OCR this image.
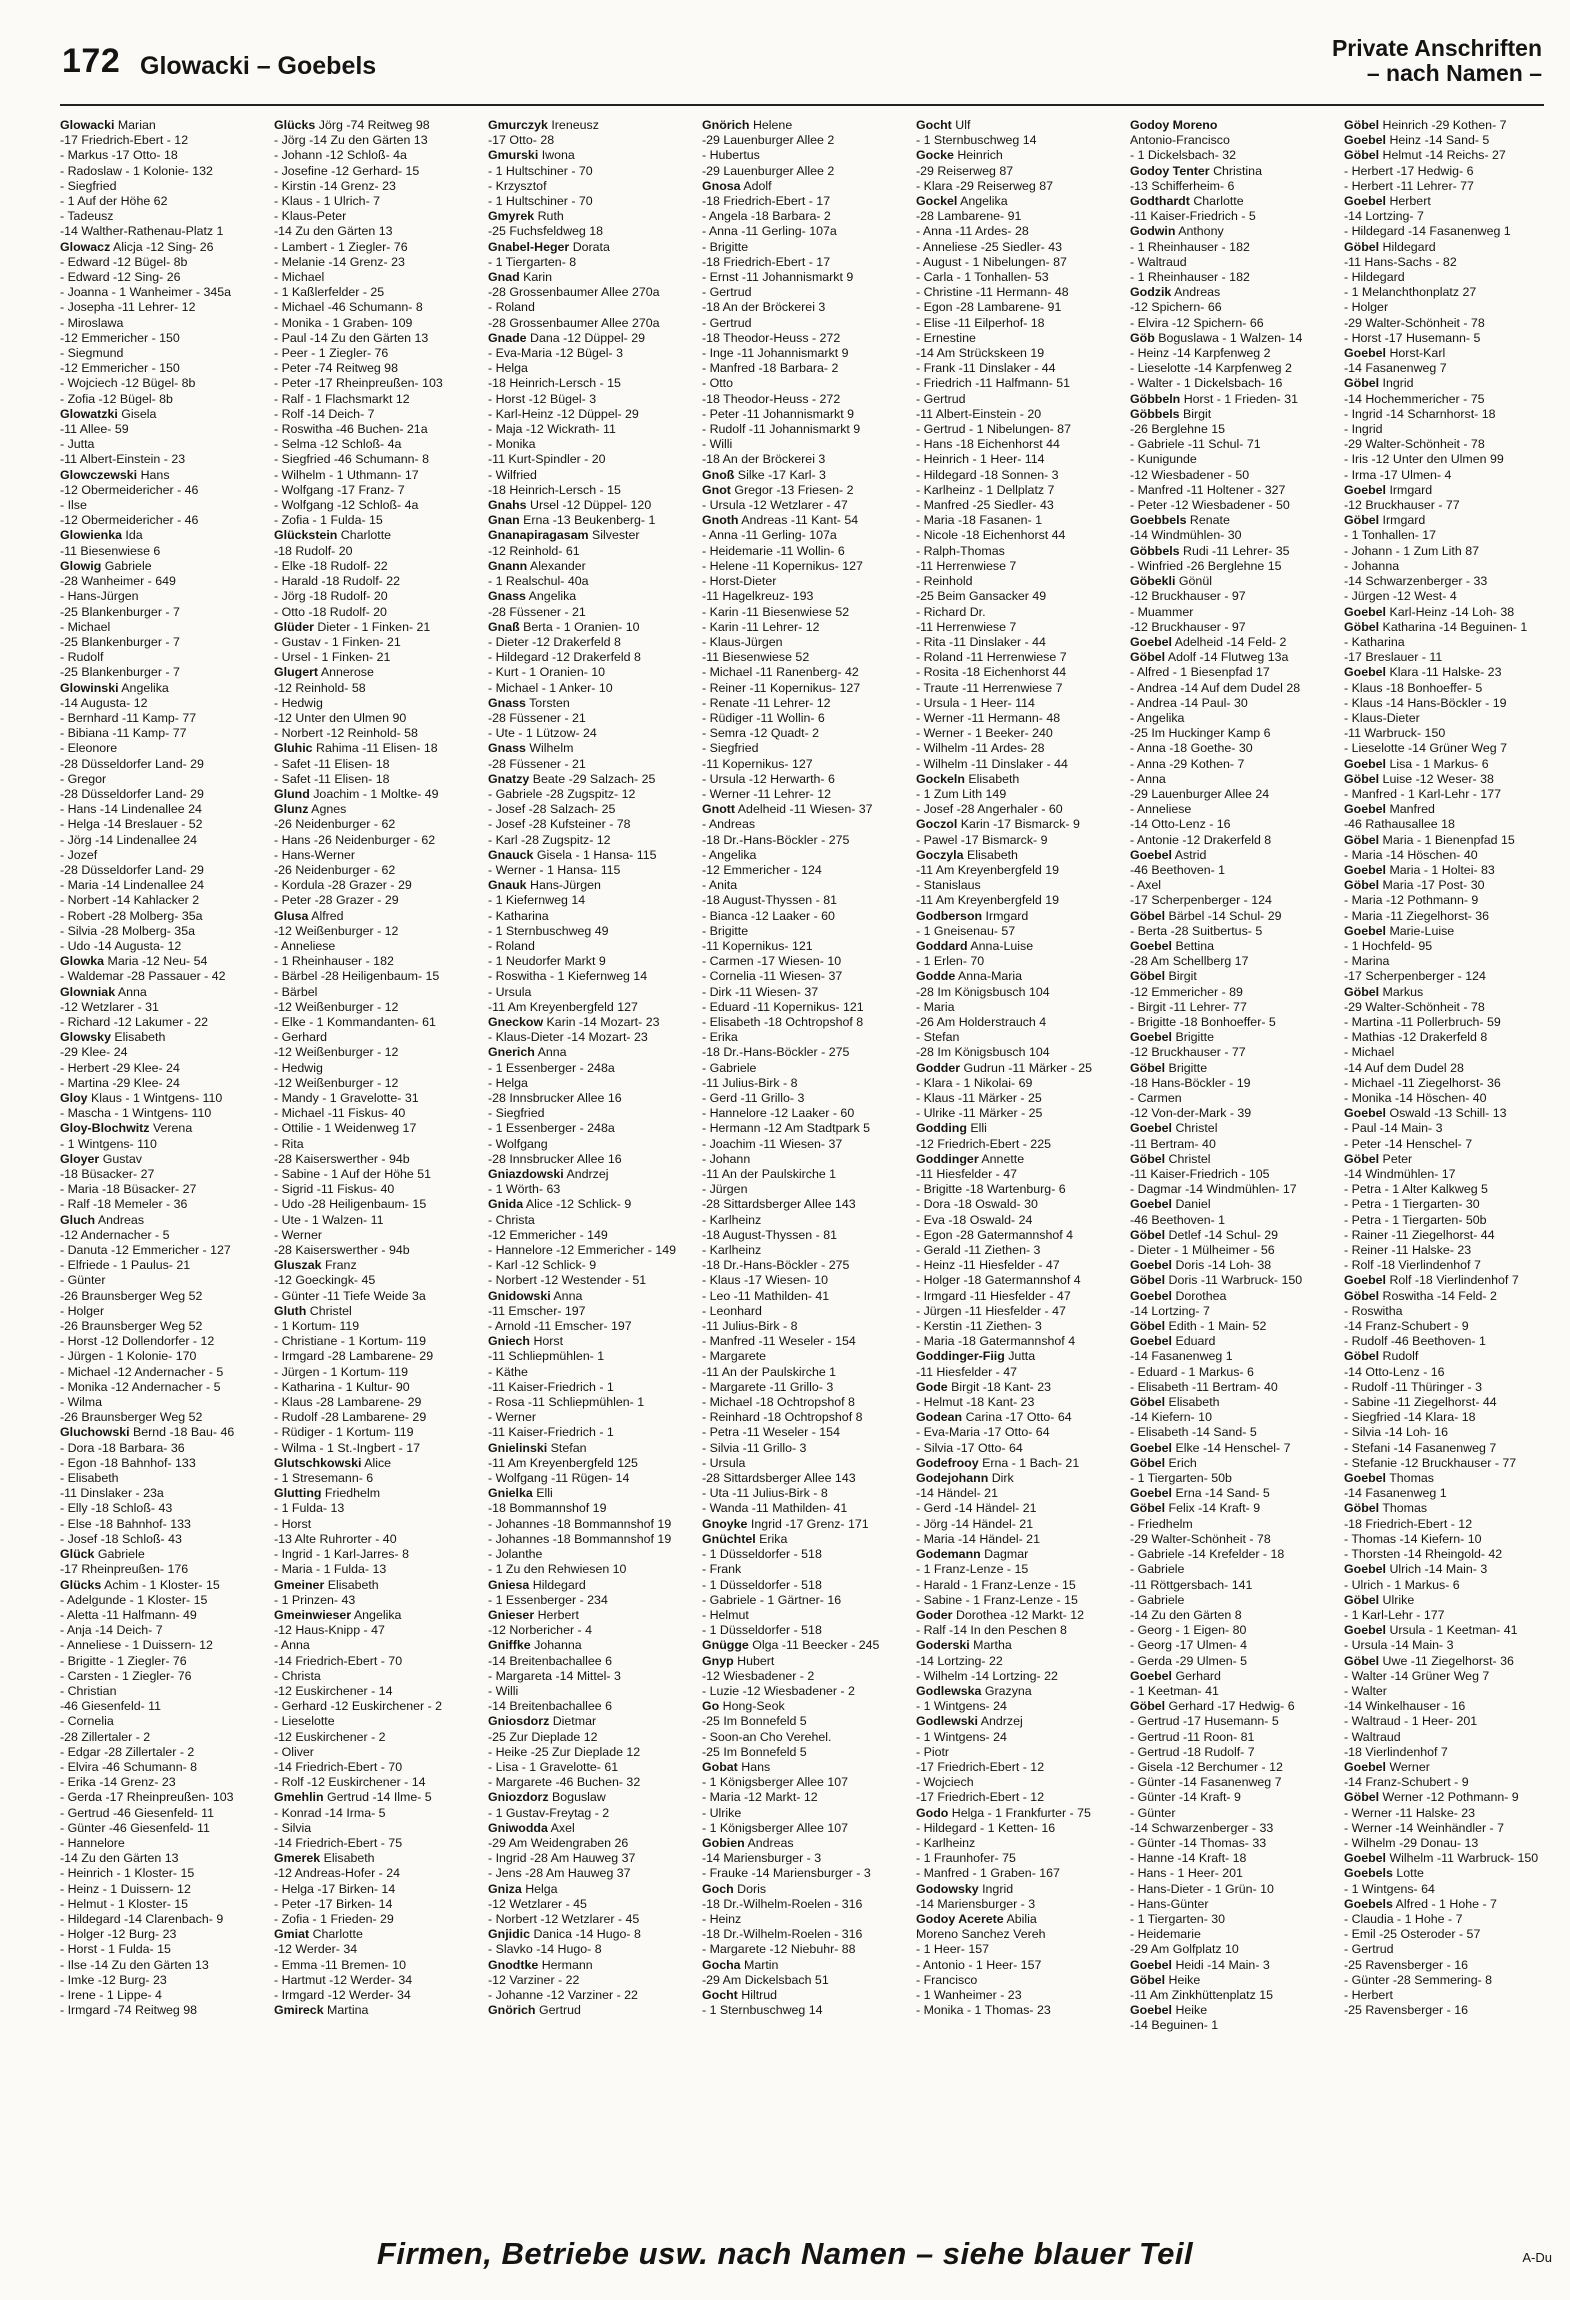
172 Glowacki – Goebels
Private Anschriften
– nach Namen –
Glowacki Marian
-17 Friedrich-Ebert - 12
- Markus -17 Otto- 18
- Radoslaw - 1 Kolonie- 132
- Siegfried
- 1 Auf der Höhe 62
- Tadeusz
-14 Walther-Rathenau-Platz 1
Glowacz Alicja -12 Sing- 26
- Edward -12 Bügel- 8b
- Edward -12 Sing- 26
- Joanna - 1 Wanheimer - 345a
- Josepha -11 Lehrer- 12
- Miroslawa
-12 Emmericher - 150
- Siegmund
-12 Emmericher - 150
- Wojciech -12 Bügel- 8b
- Zofia -12 Bügel- 8b
Glowatzki Gisela
-11 Allee- 59
- Jutta
-11 Albert-Einstein - 23
Glowczewski Hans
-12 Obermeidericher - 46
- Ilse
-12 Obermeidericher - 46
Glowienka Ida
-11 Biesenwiese 6
Glowig Gabriele
-28 Wanheimer - 649
- Hans-Jürgen
-25 Blankenburger - 7
- Michael
-25 Blankenburger - 7
- Rudolf
-25 Blankenburger - 7
Glowinski Angelika
-14 Augusta- 12
- Bernhard -11 Kamp- 77
- Bibiana -11 Kamp- 77
- Eleonore
-28 Düsseldorfer Land- 29
- Gregor
-28 Düsseldorfer Land- 29
- Hans -14 Lindenallee 24
- Helga -14 Breslauer - 52
- Jörg -14 Lindenallee 24
- Jozef
-28 Düsseldorfer Land- 29
- Maria -14 Lindenallee 24
- Norbert -14 Kahlacker 2
- Robert -28 Molberg- 35a
- Silvia -28 Molberg- 35a
- Udo -14 Augusta- 12
Glowka Maria -12 Neu- 54
- Waldemar -28 Passauer - 42
Glowniak Anna
-12 Wetzlarer - 31
- Richard -12 Lakumer - 22
Glowsky Elisabeth
-29 Klee- 24
- Herbert -29 Klee- 24
- Martina -29 Klee- 24
Gloy Klaus - 1 Wintgens- 110
- Mascha - 1 Wintgens- 110
Gloy-Blochwitz Verena
- 1 Wintgens- 110
Gloyer Gustav
-18 Büsacker- 27
- Maria -18 Büsacker- 27
- Ralf -18 Memeler - 36
Gluch Andreas
-12 Andernacher - 5
- Danuta -12 Emmericher - 127
- Elfriede - 1 Paulus- 21
- Günter
-26 Braunsberger Weg 52
- Holger
-26 Braunsberger Weg 52
- Horst -12 Dollendorfer - 12
- Jürgen - 1 Kolonie- 170
- Michael -12 Andernacher - 5
- Monika -12 Andernacher - 5
- Wilma
-26 Braunsberger Weg 52
Gluchowski Bernd -18 Bau- 46
- Dora -18 Barbara- 36
- Egon -18 Bahnhof- 133
- Elisabeth
-11 Dinslaker - 23a
- Elly -18 Schloß- 43
- Else -18 Bahnhof- 133
- Josef -18 Schloß- 43
Glück Gabriele
-17 Rheinpreußen- 176
Glücks Achim - 1 Kloster- 15
- Adelgunde - 1 Kloster- 15
- Aletta -11 Halfmann- 49
- Anja -14 Deich- 7
- Anneliese - 1 Duissern- 12
- Brigitte - 1 Ziegler- 76
- Carsten - 1 Ziegler- 76
- Christian
-46 Giesenfeld- 11
- Cornelia
-28 Zillertaler - 2
- Edgar -28 Zillertaler - 2
- Elvira -46 Schumann- 8
- Erika -14 Grenz- 23
- Gerda -17 Rheinpreußen- 103
- Gertrud -46 Giesenfeld- 11
- Günter -46 Giesenfeld- 11
- Hannelore
-14 Zu den Gärten 13
- Heinrich - 1 Kloster- 15
- Heinz - 1 Duissern- 12
- Helmut - 1 Kloster- 15
- Hildegard -14 Clarenbach- 9
- Holger -12 Burg- 23
- Horst - 1 Fulda- 15
- Ilse -14 Zu den Gärten 13
- Imke -12 Burg- 23
- Irene - 1 Lippe- 4
- Irmgard -74 Reitweg 98
Glücks Jörg -74 Reitweg 98
- Jörg -14 Zu den Gärten 13
- Johann -12 Schloß- 4a
- Josefine -12 Gerhard- 15
- Kirstin -14 Grenz- 23
- Klaus - 1 Ulrich- 7
- Klaus-Peter
-14 Zu den Gärten 13
- Lambert - 1 Ziegler- 76
- Melanie -14 Grenz- 23
- Michael
- 1 Kaßlerfelder - 25
- Michael -46 Schumann- 8
- Monika - 1 Graben- 109
- Paul -14 Zu den Gärten 13
- Peer - 1 Ziegler- 76
- Peter -74 Reitweg 98
- Peter -17 Rheinpreußen- 103
- Ralf - 1 Flachsmarkt 12
- Rolf -14 Deich- 7
- Roswitha -46 Buchen- 21a
- Selma -12 Schloß- 4a
- Siegfried -46 Schumann- 8
- Wilhelm - 1 Uthmann- 17
- Wolfgang -17 Franz- 7
- Wolfgang -12 Schloß- 4a
- Zofia - 1 Fulda- 15
Glückstein Charlotte
-18 Rudolf- 20
- Elke -18 Rudolf- 22
- Harald -18 Rudolf- 22
- Jörg -18 Rudolf- 20
- Otto -18 Rudolf- 20
Glüder Dieter - 1 Finken- 21
- Gustav - 1 Finken- 21
- Ursel - 1 Finken- 21
Glugert Annerose
-12 Reinhold- 58
- Hedwig
-12 Unter den Ulmen 90
- Norbert -12 Reinhold- 58
Gluhic Rahima -11 Elisen- 18
- Safet -11 Elisen- 18
- Safet -11 Elisen- 18
Glund Joachim - 1 Moltke- 49
Glunz Agnes
-26 Neidenburger - 62
- Hans -26 Neidenburger - 62
- Hans-Werner
-26 Neidenburger - 62
- Kordula -28 Grazer - 29
- Peter -28 Grazer - 29
Glusa Alfred
-12 Weißenburger - 12
- Anneliese
- 1 Rheinhauser - 182
- Bärbel -28 Heiligenbaum- 15
- Bärbel
-12 Weißenburger - 12
- Elke - 1 Kommandanten- 61
- Gerhard
-12 Weißenburger - 12
- Hedwig
-12 Weißenburger - 12
- Mandy - 1 Gravelotte- 31
- Michael -11 Fiskus- 40
- Ottilie - 1 Weidenweg 17
- Rita
-28 Kaiserswerther - 94b
- Sabine - 1 Auf der Höhe 51
- Sigrid -11 Fiskus- 40
- Udo -28 Heiligenbaum- 15
- Ute - 1 Walzen- 11
- Werner
-28 Kaiserswerther - 94b
Gluszak Franz
-12 Goeckingk- 45
- Günter -11 Tiefe Weide 3a
Gluth Christel
- 1 Kortum- 119
- Christiane - 1 Kortum- 119
- Irmgard -28 Lambarene- 29
- Jürgen - 1 Kortum- 119
- Katharina - 1 Kultur- 90
- Klaus -28 Lambarene- 29
- Rudolf -28 Lambarene- 29
- Rüdiger - 1 Kortum- 119
- Wilma - 1 St.-Ingbert - 17
Glutschkowski Alice
- 1 Stresemann- 6
Glutting Friedhelm
- 1 Fulda- 13
- Horst
-13 Alte Ruhrorter - 40
- Ingrid - 1 Karl-Jarres- 8
- Maria - 1 Fulda- 13
Gmeiner Elisabeth
- 1 Prinzen- 43
Gmeinwieser Angelika
-12 Haus-Knipp - 47
- Anna
-14 Friedrich-Ebert - 70
- Christa
-12 Euskirchener - 14
- Gerhard -12 Euskirchener - 2
- Lieselotte
-12 Euskirchener - 2
- Oliver
-14 Friedrich-Ebert - 70
- Rolf -12 Euskirchener - 14
Gmehlin Gertrud -14 Ilme- 5
- Konrad -14 Irma- 5
- Silvia
-14 Friedrich-Ebert - 75
Gmerek Elisabeth
-12 Andreas-Hofer - 24
- Helga -17 Birken- 14
- Peter -17 Birken- 14
- Zofia - 1 Frieden- 29
Gmiat Charlotte
-12 Werder- 34
- Emma -11 Bremen- 10
- Hartmut -12 Werder- 34
- Irmgard -12 Werder- 34
Gmireck Martina
Gmurczyk Ireneusz
-17 Otto- 28
Gmurski Iwona
- 1 Hultschiner - 70
- Krzysztof
- 1 Hultschiner - 70
Gmyrek Ruth
-25 Fuchsfeldweg 18
Gnabel-Heger Dorata
- 1 Tiergarten- 8
Gnad Karin
-28 Grossenbaumer Allee 270a
- Roland
-28 Grossenbaumer Allee 270a
Gnade Dana -12 Düppel- 29
- Eva-Maria -12 Bügel- 3
- Helga
-18 Heinrich-Lersch - 15
- Horst -12 Bügel- 3
- Karl-Heinz -12 Düppel- 29
- Maja -12 Wickrath- 11
- Monika
-11 Kurt-Spindler - 20
- Wilfried
-18 Heinrich-Lersch - 15
Gnahs Ursel -12 Düppel- 120
Gnan Erna -13 Beukenberg- 1
Gnanapiragasam Silvester
-12 Reinhold- 61
Gnann Alexander
- 1 Realschul- 40a
Gnass Angelika
-28 Füssener - 21
Gnaß Berta - 1 Oranien- 10
- Dieter -12 Drakerfeld 8
- Hildegard -12 Drakerfeld 8
- Kurt - 1 Oranien- 10
- Michael - 1 Anker- 10
Gnass Torsten
-28 Füssener - 21
- Ute - 1 Lützow- 24
Gnass Wilhelm
-28 Füssener - 21
Gnatzy Beate -29 Salzach- 25
- Gabriele -28 Zugspitz- 12
- Josef -28 Salzach- 25
- Josef -28 Kufsteiner - 78
- Karl -28 Zugspitz- 12
Gnauck Gisela - 1 Hansa- 115
- Werner - 1 Hansa- 115
Gnauk Hans-Jürgen
- 1 Kiefernweg 14
- Katharina
- 1 Sternbuschweg 49
- Roland
- 1 Neudorfer Markt 9
- Roswitha - 1 Kiefernweg 14
- Ursula
-11 Am Kreyenbergfeld 127
Gneckow Karin -14 Mozart- 23
- Klaus-Dieter -14 Mozart- 23
Gnerich Anna
- 1 Essenberger - 248a
- Helga
-28 Innsbrucker Allee 16
- Siegfried
- 1 Essenberger - 248a
- Wolfgang
-28 Innsbrucker Allee 16
Gniazdowski Andrzej
- 1 Wörth- 63
Gnida Alice -12 Schlick- 9
- Christa
-12 Emmericher - 149
- Hannelore -12 Emmericher - 149
- Karl -12 Schlick- 9
- Norbert -12 Westender - 51
Gnidowski Anna
-11 Emscher- 197
- Arnold -11 Emscher- 197
Gniech Horst
-11 Schliepmühlen- 1
- Käthe
-11 Kaiser-Friedrich - 1
- Rosa -11 Schliepmühlen- 1
- Werner
-11 Kaiser-Friedrich - 1
Gnielinski Stefan
-11 Am Kreyenbergfeld 125
- Wolfgang -11 Rügen- 14
Gnielka Elli
-18 Bommannshof 19
- Johannes -18 Bommannshof 19
- Johannes -18 Bommannshof 19
- Jolanthe
- 1 Zu den Rehwiesen 10
Gniesa Hildegard
- 1 Essenberger - 234
Gnieser Herbert
-12 Norbericher - 4
Gniffke Johanna
-14 Breitenbachallee 6
- Margareta -14 Mittel- 3
- Willi
-14 Breitenbachallee 6
Gniosdorz Dietmar
-25 Zur Dieplade 12
- Heike -25 Zur Dieplade 12
- Lisa - 1 Gravelotte- 61
- Margarete -46 Buchen- 32
Gniozdorz Boguslaw
- 1 Gustav-Freytag - 2
Gniwodda Axel
-29 Am Weidengraben 26
- Ingrid -28 Am Hauweg 37
- Jens -28 Am Hauweg 37
Gniza Helga
-12 Wetzlarer - 45
- Norbert -12 Wetzlarer - 45
Gnjidic Danica -14 Hugo- 8
- Slavko -14 Hugo- 8
Gnodtke Hermann
-12 Varziner - 22
- Johanne -12 Varziner - 22
Gnörich Gertrud
Gnörich Helene
-29 Lauenburger Allee 2
- Hubertus
-29 Lauenburger Allee 2
Gnosa Adolf
-18 Friedrich-Ebert - 17
- Angela -18 Barbara- 2
- Anna -11 Gerling- 107a
- Brigitte
-18 Friedrich-Ebert - 17
- Ernst -11 Johannismarkt 9
- Gertrud
-18 An der Bröckerei 3
- Gertrud
-18 Theodor-Heuss - 272
- Inge -11 Johannismarkt 9
- Manfred -18 Barbara- 2
- Otto
-18 Theodor-Heuss - 272
- Peter -11 Johannismarkt 9
- Rudolf -11 Johannismarkt 9
- Willi
-18 An der Bröckerei 3
Gnoß Silke -17 Karl- 3
Gnot Gregor -13 Friesen- 2
- Ursula -12 Wetzlarer - 47
Gnoth Andreas -11 Kant- 54
- Anna -11 Gerling- 107a
- Heidemarie -11 Wollin- 6
- Helene -11 Kopernikus- 127
- Horst-Dieter
-11 Hagelkreuz- 193
- Karin -11 Biesenwiese 52
- Karin -11 Lehrer- 12
- Klaus-Jürgen
-11 Biesenwiese 52
- Michael -11 Ranenberg- 42
- Reiner -11 Kopernikus- 127
- Renate -11 Lehrer- 12
- Rüdiger -11 Wollin- 6
- Semra -12 Quadt- 2
- Siegfried
-11 Kopernikus- 127
- Ursula -12 Herwarth- 6
- Werner -11 Lehrer- 12
Gnott Adelheid -11 Wiesen- 37
- Andreas
-18 Dr.-Hans-Böckler - 275
- Angelika
-12 Emmericher - 124
- Anita
-18 August-Thyssen - 81
- Bianca -12 Laaker - 60
- Brigitte
-11 Kopernikus- 121
- Carmen -17 Wiesen- 10
- Cornelia -11 Wiesen- 37
- Dirk -11 Wiesen- 37
- Eduard -11 Kopernikus- 121
- Elisabeth -18 Ochtropshof 8
- Erika
-18 Dr.-Hans-Böckler - 275
- Gabriele
-11 Julius-Birk - 8
- Gerd -11 Grillo- 3
- Hannelore -12 Laaker - 60
- Hermann -12 Am Stadtpark 5
- Joachim -11 Wiesen- 37
- Johann
-11 An der Paulskirche 1
- Jürgen
-28 Sittardsberger Allee 143
- Karlheinz
-18 August-Thyssen - 81
- Karlheinz
-18 Dr.-Hans-Böckler - 275
- Klaus -17 Wiesen- 10
- Leo -11 Mathilden- 41
- Leonhard
-11 Julius-Birk - 8
- Manfred -11 Weseler - 154
- Margarete
-11 An der Paulskirche 1
- Margarete -11 Grillo- 3
- Michael -18 Ochtropshof 8
- Reinhard -18 Ochtropshof 8
- Petra -11 Weseler - 154
- Silvia -11 Grillo- 3
- Ursula
-28 Sittardsberger Allee 143
- Uta -11 Julius-Birk - 8
- Wanda -11 Mathilden- 41
Gnoyke Ingrid -17 Grenz- 171
Gnüchtel Erika
- 1 Düsseldorfer - 518
- Frank
- 1 Düsseldorfer - 518
- Gabriele - 1 Gärtner- 16
- Helmut
- 1 Düsseldorfer - 518
Gnügge Olga -11 Beecker - 245
Gnyp Hubert
-12 Wiesbadener - 2
- Luzie -12 Wiesbadener - 2
Go Hong-Seok
-25 Im Bonnefeld 5
- Soon-an Cho Verehel.
-25 Im Bonnefeld 5
Gobat Hans
- 1 Königsberger Allee 107
- Maria -12 Markt- 12
- Ulrike
- 1 Königsberger Allee 107
Gobien Andreas
-14 Mariensburger - 3
- Frauke -14 Mariensburger - 3
Goch Doris
-18 Dr.-Wilhelm-Roelen - 316
- Heinz
-18 Dr.-Wilhelm-Roelen - 316
- Margarete -12 Niebuhr- 88
Gocha Martin
-29 Am Dickelsbach 51
Gocht Hiltrud
- 1 Sternbuschweg 14
Gocht Ulf
- 1 Sternbuschweg 14
Gocke Heinrich
-29 Reiserweg 87
- Klara -29 Reiserweg 87
Gockel Angelika
-28 Lambarene- 91
- Anna -11 Ardes- 28
- Anneliese -25 Siedler- 43
- August - 1 Nibelungen- 87
- Carla - 1 Tonhallen- 53
- Christine -11 Hermann- 48
- Egon -28 Lambarene- 91
- Elise -11 Eilperhof- 18
- Ernestine
-14 Am Strückskeen 19
- Frank -11 Dinslaker - 44
- Friedrich -11 Halfmann- 51
- Gertrud
-11 Albert-Einstein - 20
- Gertrud - 1 Nibelungen- 87
- Hans -18 Eichenhorst 44
- Heinrich - 1 Heer- 114
- Hildegard -18 Sonnen- 3
- Karlheinz - 1 Dellplatz 7
- Manfred -25 Siedler- 43
- Maria -18 Fasanen- 1
- Nicole -18 Eichenhorst 44
- Ralph-Thomas
-11 Herrenwiese 7
- Reinhold
-25 Beim Gansacker 49
- Richard Dr.
-11 Herrenwiese 7
- Rita -11 Dinslaker - 44
- Roland -11 Herrenwiese 7
- Rosita -18 Eichenhorst 44
- Traute -11 Herrenwiese 7
- Ursula - 1 Heer- 114
- Werner -11 Hermann- 48
- Werner - 1 Beeker- 240
- Wilhelm -11 Ardes- 28
- Wilhelm -11 Dinslaker - 44
Gockeln Elisabeth
- 1 Zum Lith 149
- Josef -28 Angerhaler - 60
Goczol Karin -17 Bismarck- 9
- Pawel -17 Bismarck- 9
Goczyla Elisabeth
-11 Am Kreyenbergfeld 19
- Stanislaus
-11 Am Kreyenbergfeld 19
Godberson Irmgard
- 1 Gneisenau- 57
Goddard Anna-Luise
- 1 Erlen- 70
Godde Anna-Maria
-28 Im Königsbusch 104
- Maria
-26 Am Holderstrauch 4
- Stefan
-28 Im Königsbusch 104
Godder Gudrun -11 Märker - 25
- Klara - 1 Nikolai- 69
- Klaus -11 Märker - 25
- Ulrike -11 Märker - 25
Godding Elli
-12 Friedrich-Ebert - 225
Goddinger Annette
-11 Hiesfelder - 47
- Brigitte -18 Wartenburg- 6
- Dora -18 Oswald- 30
- Eva -18 Oswald- 24
- Egon -28 Gatermannshof 4
- Gerald -11 Ziethen- 3
- Heinz -11 Hiesfelder - 47
- Holger -18 Gatermannshof 4
- Irmgard -11 Hiesfelder - 47
- Jürgen -11 Hiesfelder - 47
- Kerstin -11 Ziethen- 3
- Maria -18 Gatermannshof 4
Goddinger-Fiig Jutta
-11 Hiesfelder - 47
Gode Birgit -18 Kant- 23
- Helmut -18 Kant- 23
Godean Carina -17 Otto- 64
- Eva-Maria -17 Otto- 64
- Silvia -17 Otto- 64
Godefrooy Erna - 1 Bach- 21
Godejohann Dirk
-14 Händel- 21
- Gerd -14 Händel- 21
- Jörg -14 Händel- 21
- Maria -14 Händel- 21
Godemann Dagmar
- 1 Franz-Lenze - 15
- Harald - 1 Franz-Lenze - 15
- Sabine - 1 Franz-Lenze - 15
Goder Dorothea -12 Markt- 12
- Ralf -14 In den Peschen 8
Goderski Martha
-14 Lortzing- 22
- Wilhelm -14 Lortzing- 22
Godlewska Grazyna
- 1 Wintgens- 24
Godlewski Andrzej
- 1 Wintgens- 24
- Piotr
-17 Friedrich-Ebert - 12
- Wojciech
-17 Friedrich-Ebert - 12
Godo Helga - 1 Frankfurter - 75
- Hildegard - 1 Ketten- 16
- Karlheinz
- 1 Fraunhofer- 75
- Manfred - 1 Graben- 167
Godowsky Ingrid
-14 Mariensburger - 3
Godoy Acerete Abilia
Moreno Sanchez Vereh
- 1 Heer- 157
- Antonio - 1 Heer- 157
- Francisco
- 1 Wanheimer - 23
- Monika - 1 Thomas- 23
Godoy Moreno
Antonio-Francisco
- 1 Dickelsbach- 32
Godoy Tenter Christina
-13 Schifferheim- 6
Godthardt Charlotte
-11 Kaiser-Friedrich - 5
Godwin Anthony
- 1 Rheinhauser - 182
- Waltraud
- 1 Rheinhauser - 182
Godzik Andreas
-12 Spichern- 66
- Elvira -12 Spichern- 66
Göb Boguslawa - 1 Walzen- 14
- Heinz -14 Karpfenweg 2
- Lieselotte -14 Karpfenweg 2
- Walter - 1 Dickelsbach- 16
Göbbeln Horst - 1 Frieden- 31
Göbbels Birgit
-26 Berglehne 15
- Gabriele -11 Schul- 71
- Kunigunde
-12 Wiesbadener - 50
- Manfred -11 Holtener - 327
- Peter -12 Wiesbadener - 50
Goebbels Renate
-14 Windmühlen- 30
Göbbels Rudi -11 Lehrer- 35
- Winfried -26 Berglehne 15
Göbekli Gönül
-12 Bruckhauser - 97
- Muammer
-12 Bruckhauser - 97
Goebel Adelheid -14 Feld- 2
Göbel Adolf -14 Flutweg 13a
- Alfred - 1 Biesenpfad 17
- Andrea -14 Auf dem Dudel 28
- Andrea -14 Paul- 30
- Angelika
-25 Im Huckinger Kamp 6
- Anna -18 Goethe- 30
- Anna -29 Kothen- 7
- Anna
-29 Lauenburger Allee 24
- Anneliese
-14 Otto-Lenz - 16
- Antonie -12 Drakerfeld 8
Goebel Astrid
-46 Beethoven- 1
- Axel
-17 Scherpenberger - 124
Göbel Bärbel -14 Schul- 29
- Berta -28 Suitbertus- 5
Goebel Bettina
-28 Am Schellberg 17
Göbel Birgit
-12 Emmericher - 89
- Birgit -11 Lehrer- 77
- Brigitte -18 Bonhoeffer- 5
Goebel Brigitte
-12 Bruckhauser - 77
Göbel Brigitte
-18 Hans-Böckler - 19
- Carmen
-12 Von-der-Mark - 39
Goebel Christel
-11 Bertram- 40
Göbel Christel
-11 Kaiser-Friedrich - 105
- Dagmar -14 Windmühlen- 17
Goebel Daniel
-46 Beethoven- 1
Göbel Detlef -14 Schul- 29
- Dieter - 1 Mülheimer - 56
Goebel Doris -14 Loh- 38
Göbel Doris -11 Warbruck- 150
Goebel Dorothea
-14 Lortzing- 7
Göbel Edith - 1 Main- 52
Goebel Eduard
-14 Fasanenweg 1
- Eduard - 1 Markus- 6
- Elisabeth -11 Bertram- 40
Göbel Elisabeth
-14 Kiefern- 10
- Elisabeth -14 Sand- 5
Goebel Elke -14 Henschel- 7
Göbel Erich
- 1 Tiergarten- 50b
Goebel Erna -14 Sand- 5
Göbel Felix -14 Kraft- 9
- Friedhelm
-29 Walter-Schönheit - 78
- Gabriele -14 Krefelder - 18
- Gabriele
-11 Röttgersbach- 141
- Gabriele
-14 Zu den Gärten 8
- Georg - 1 Eigen- 80
- Georg -17 Ulmen- 4
- Gerda -29 Ulmen- 5
Goebel Gerhard
- 1 Keetman- 41
Göbel Gerhard -17 Hedwig- 6
- Gertrud -17 Husemann- 5
- Gertrud -11 Roon- 81
- Gertrud -18 Rudolf- 7
- Gisela -12 Berchumer - 12
- Günter -14 Fasanenweg 7
- Günter -14 Kraft- 9
- Günter
-14 Schwarzenberger - 33
- Günter -14 Thomas- 33
- Hanne -14 Kraft- 18
- Hans - 1 Heer- 201
- Hans-Dieter - 1 Grün- 10
- Hans-Günter
- 1 Tiergarten- 30
- Heidemarie
-29 Am Golfplatz 10
Goebel Heidi -14 Main- 3
Göbel Heike
-11 Am Zinkhüttenplatz 15
Goebel Heike
-14 Beguinen- 1
Göbel Heinrich -29 Kothen- 7
Goebel Heinz -14 Sand- 5
Göbel Helmut -14 Reichs- 27
- Herbert -17 Hedwig- 6
- Herbert -11 Lehrer- 77
Goebel Herbert
-14 Lortzing- 7
- Hildegard -14 Fasanenweg 1
Göbel Hildegard
-11 Hans-Sachs - 82
- Hildegard
- 1 Melanchthonplatz 27
- Holger
-29 Walter-Schönheit - 78
- Horst -17 Husemann- 5
Goebel Horst-Karl
-14 Fasanenweg 7
Göbel Ingrid
-14 Hochemmericher - 75
- Ingrid -14 Scharnhorst- 18
- Ingrid
-29 Walter-Schönheit - 78
- Iris -12 Unter den Ulmen 99
- Irma -17 Ulmen- 4
Goebel Irmgard
-12 Bruckhauser - 77
Göbel Irmgard
- 1 Tonhallen- 17
- Johann - 1 Zum Lith 87
- Johanna
-14 Schwarzenberger - 33
- Jürgen -12 West- 4
Goebel Karl-Heinz -14 Loh- 38
Göbel Katharina -14 Beguinen- 1
- Katharina
-17 Breslauer - 11
Goebel Klara -11 Halske- 23
- Klaus -18 Bonhoeffer- 5
- Klaus -14 Hans-Böckler - 19
- Klaus-Dieter
-11 Warbruck- 150
- Lieselotte -14 Grüner Weg 7
Goebel Lisa - 1 Markus- 6
Göbel Luise -12 Weser- 38
- Manfred - 1 Karl-Lehr - 177
Goebel Manfred
-46 Rathausallee 18
Göbel Maria - 1 Bienenpfad 15
- Maria -14 Höschen- 40
Goebel Maria - 1 Holtei- 83
Göbel Maria -17 Post- 30
- Maria -12 Pothmann- 9
- Maria -11 Ziegelhorst- 36
Goebel Marie-Luise
- 1 Hochfeld- 95
- Marina
-17 Scherpenberger - 124
Göbel Markus
-29 Walter-Schönheit - 78
- Martina -11 Pollerbruch- 59
- Mathias -12 Drakerfeld 8
- Michael
-14 Auf dem Dudel 28
- Michael -11 Ziegelhorst- 36
- Monika -14 Höschen- 40
Goebel Oswald -13 Schill- 13
- Paul -14 Main- 3
- Peter -14 Henschel- 7
Göbel Peter
-14 Windmühlen- 17
- Petra - 1 Alter Kalkweg 5
- Petra - 1 Tiergarten- 30
- Petra - 1 Tiergarten- 50b
- Rainer -11 Ziegelhorst- 44
- Reiner -11 Halske- 23
- Rolf -18 Vierlindenhof 7
Goebel Rolf -18 Vierlindenhof 7
Göbel Roswitha -14 Feld- 2
- Roswitha
-14 Franz-Schubert - 9
- Rudolf -46 Beethoven- 1
Göbel Rudolf
-14 Otto-Lenz - 16
- Rudolf -11 Thüringer - 3
- Sabine -11 Ziegelhorst- 44
- Siegfried -14 Klara- 18
- Silvia -14 Loh- 16
- Stefani -14 Fasanenweg 7
- Stefanie -12 Bruckhauser - 77
Goebel Thomas
-14 Fasanenweg 1
Göbel Thomas
-18 Friedrich-Ebert - 12
- Thomas -14 Kiefern- 10
- Thorsten -14 Rheingold- 42
Goebel Ulrich -14 Main- 3
- Ulrich - 1 Markus- 6
Göbel Ulrike
- 1 Karl-Lehr - 177
Goebel Ursula - 1 Keetman- 41
- Ursula -14 Main- 3
Göbel Uwe -11 Ziegelhorst- 36
- Walter -14 Grüner Weg 7
- Walter
-14 Winkelhauser - 16
- Waltraud - 1 Heer- 201
- Waltraud
-18 Vierlindenhof 7
Goebel Werner
-14 Franz-Schubert - 9
Göbel Werner -12 Pothmann- 9
- Werner -11 Halske- 23
- Werner -14 Weinhändler - 7
- Wilhelm -29 Donau- 13
Goebel Wilhelm -11 Warbruck- 150
Goebels Lotte
- 1 Wintgens- 64
Goebels Alfred - 1 Hohe - 7
- Claudia - 1 Hohe - 7
- Emil -25 Osteroder - 57
- Gertrud
-25 Ravensberger - 16
- Günter -28 Semmering- 8
- Herbert
-25 Ravensberger - 16
Firmen, Betriebe usw. nach Namen – siehe blauer Teil	A-Du
